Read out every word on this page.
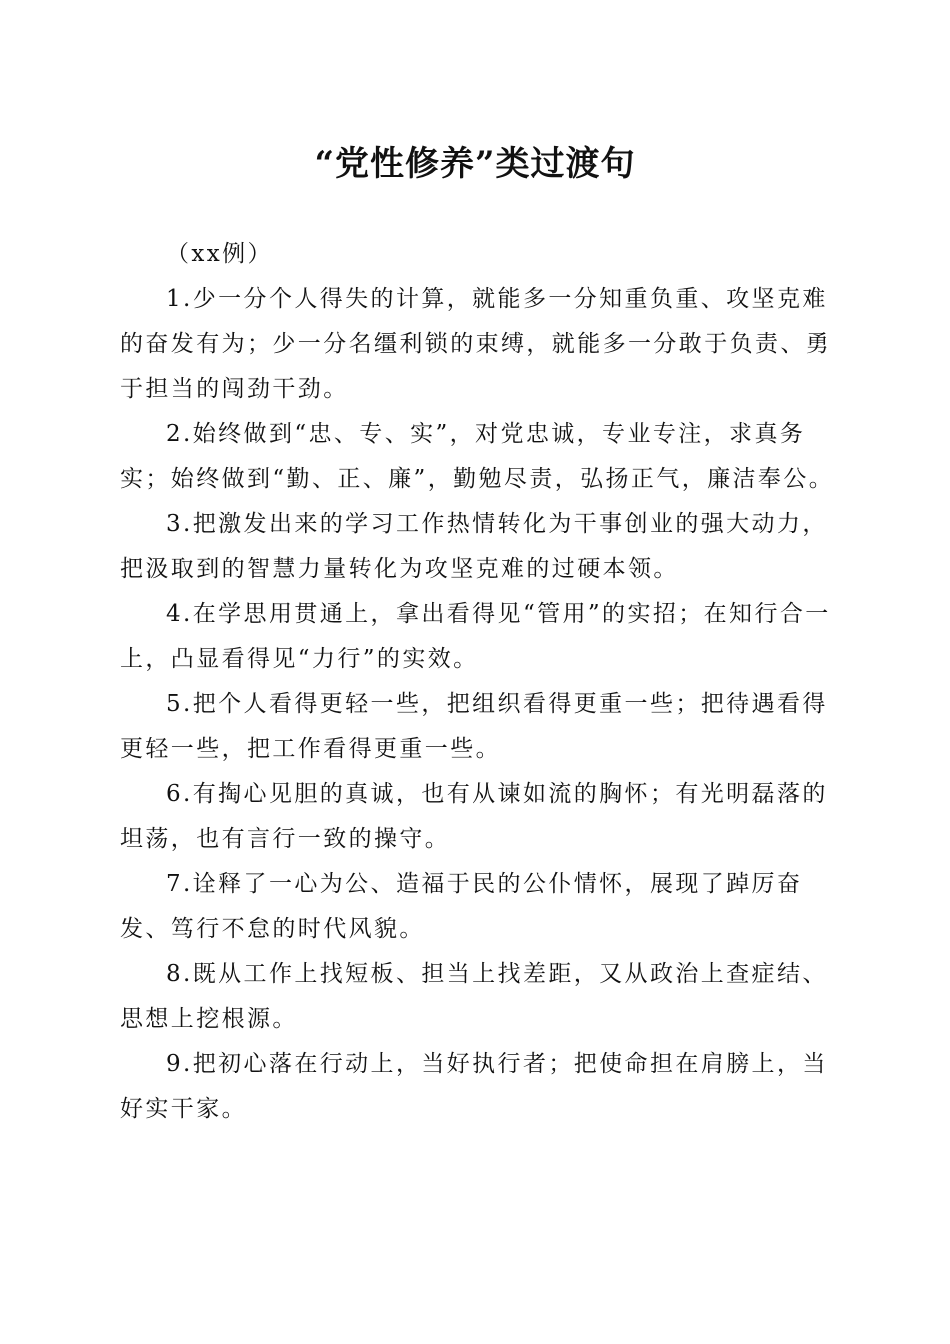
“党性修养”类过渡句

（xx例）

1.少一分个人得失的计算，就能多一分知重负重、攻坚克难的奋发有为；少一分名缰利锁的束缚，就能多一分敢于负责、勇于担当的闯劲干劲。

2.始终做到“忠、专、实”，对党忠诚，专业专注，求真务实；始终做到“勤、正、廉”，勤勉尽责，弘扬正气，廉洁奉公。

3.把激发出来的学习工作热情转化为干事创业的强大动力，把汲取到的智慧力量转化为攻坚克难的过硬本领。

4.在学思用贯通上，拿出看得见“管用”的实招；在知行合一上，凸显看得见“力行”的实效。

5.把个人看得更轻一些，把组织看得更重一些；把待遇看得更轻一些，把工作看得更重一些。

6.有掏心见胆的真诚，也有从谏如流的胸怀；有光明磊落的坦荡，也有言行一致的操守。

7.诠释了一心为公、造福于民的公仆情怀，展现了踔厉奋发、笃行不怠的时代风貌。

8.既从工作上找短板、担当上找差距，又从政治上查症结、思想上挖根源。

9.把初心落在行动上，当好执行者；把使命担在肩膀上，当好实干家。
